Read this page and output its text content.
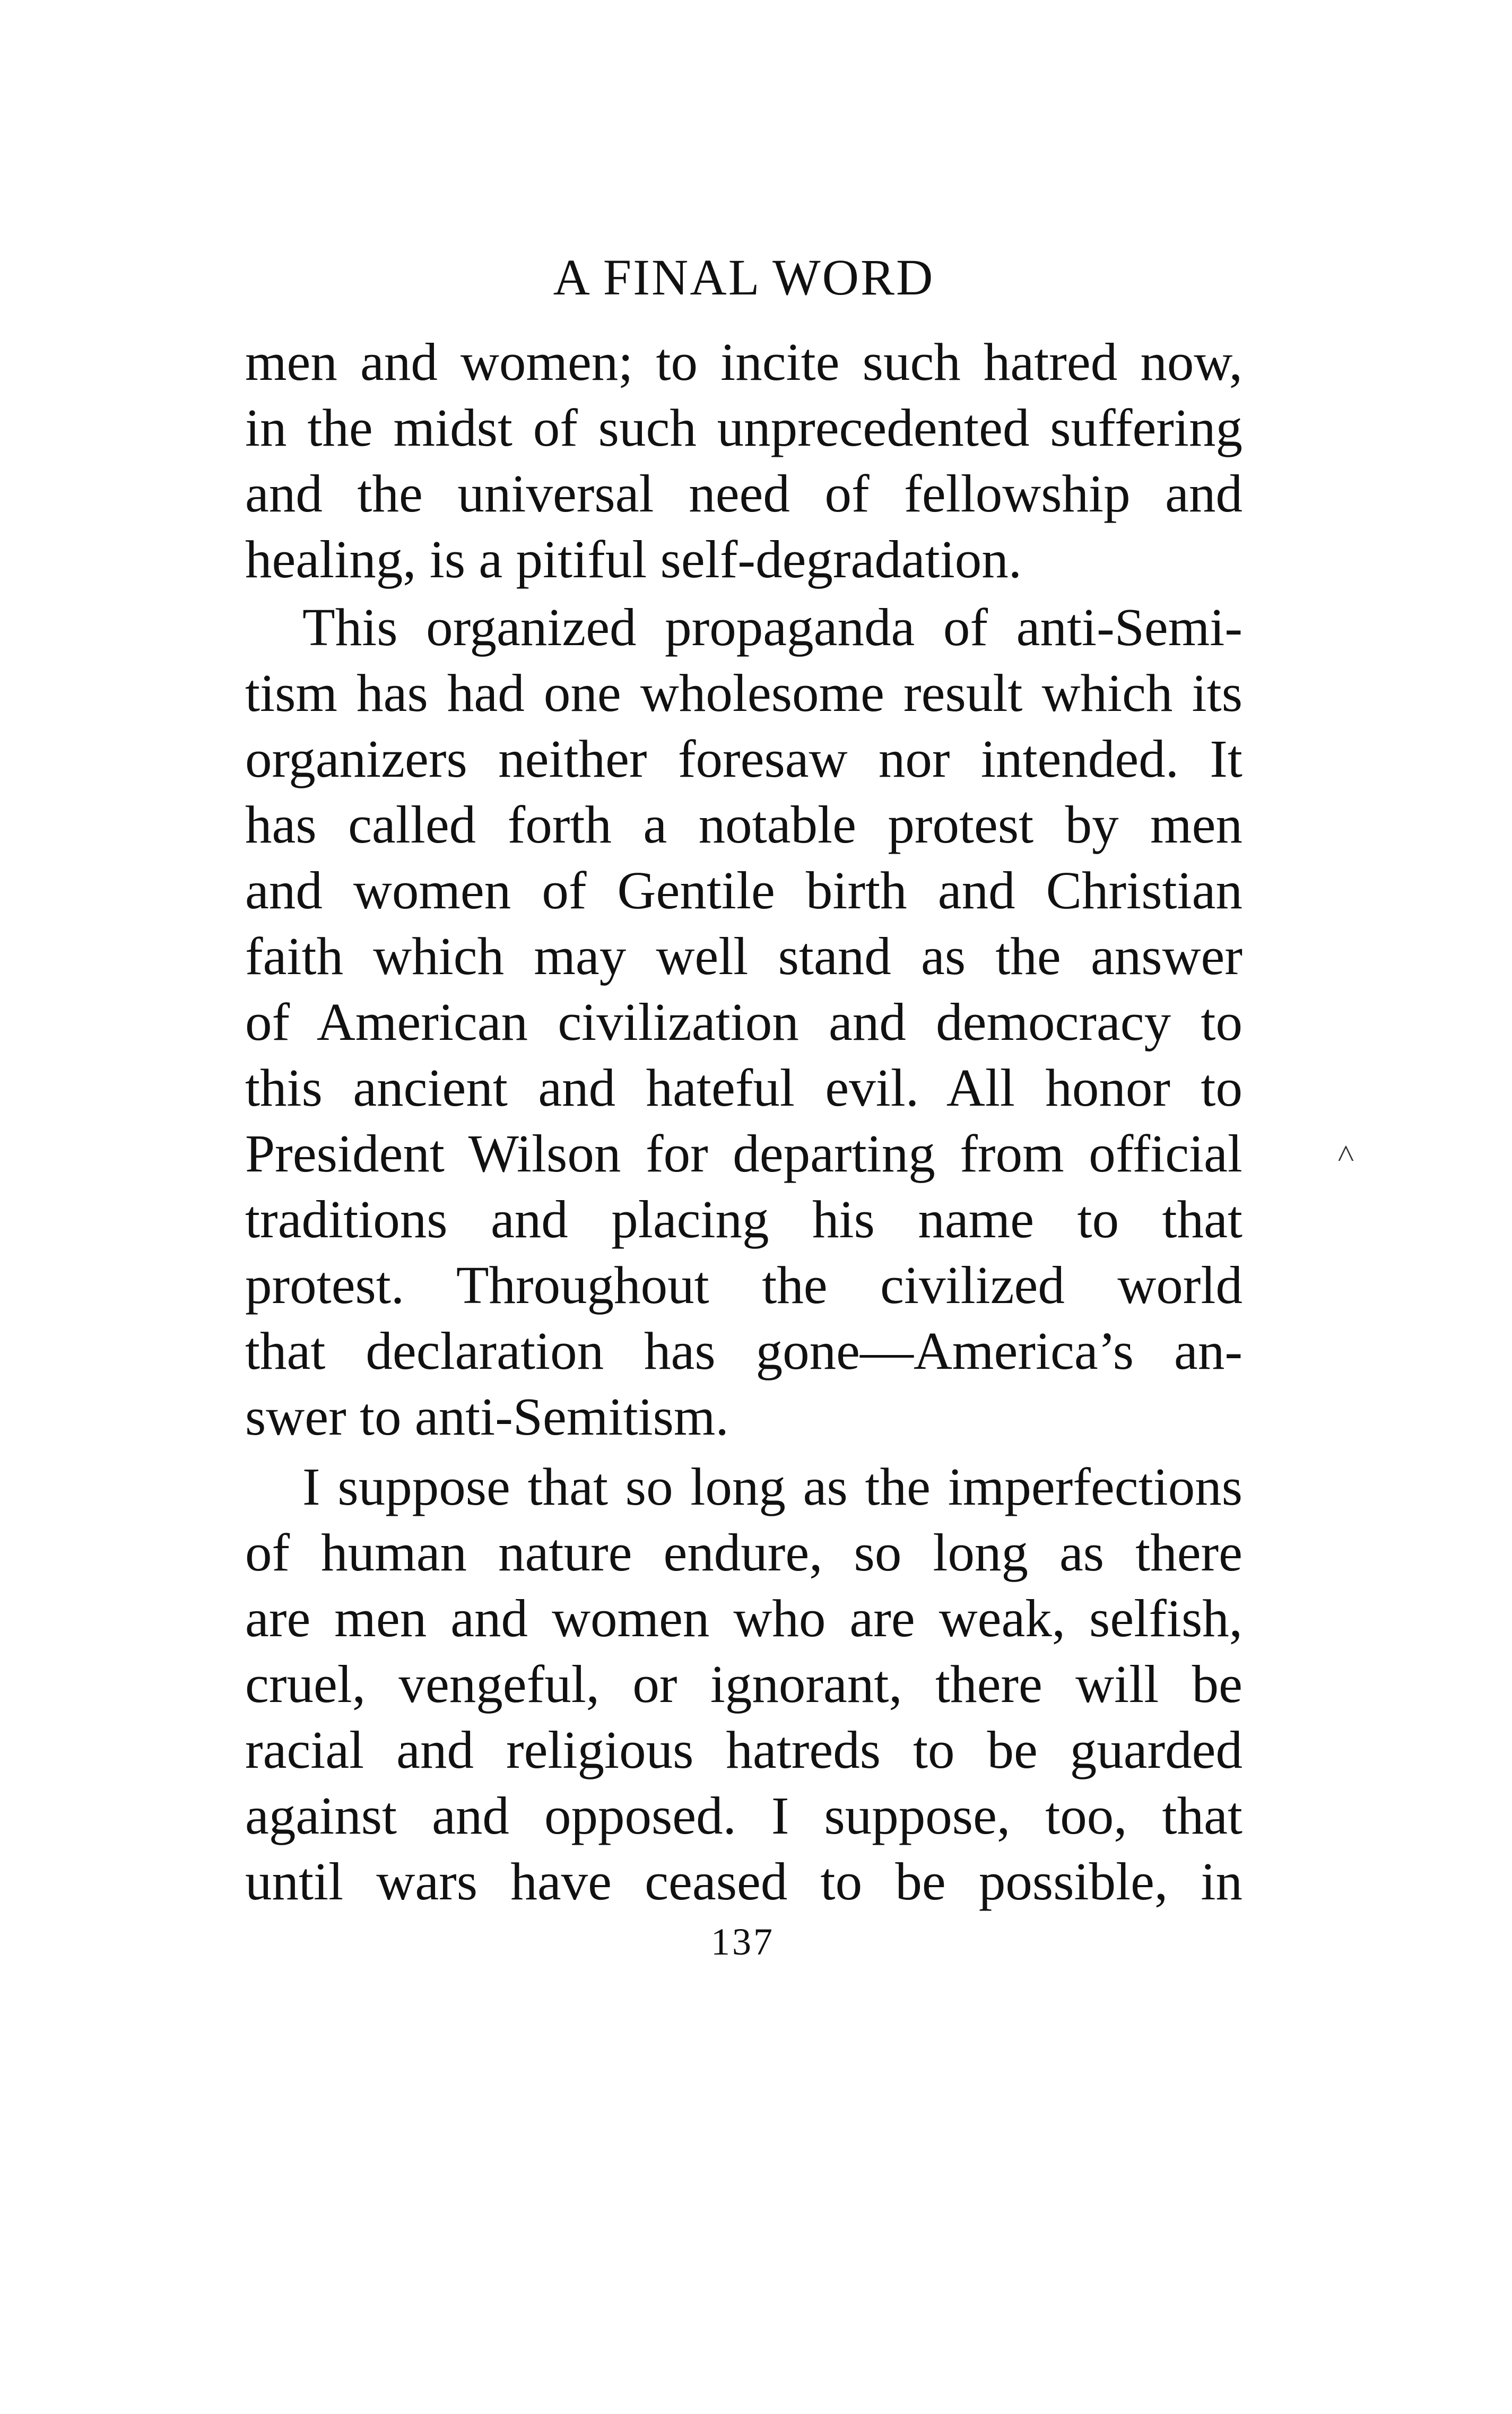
A FINAL WORD
men and women; to incite such hatred now,
in the midst of such unprecedented suffering
and the universal need of fellowship and
healing, is a pitiful self-degradation.
This organized propaganda of anti-Semi-
tism has had one wholesome result which its
organizers neither foresaw nor intended. It
has called forth a notable protest by men
and women of Gentile birth and Christian
faith which may well stand as the answer
of American civilization and democracy to
this ancient and hateful evil. All honor to
President Wilson for departing from official
traditions and placing his name to that
protest. Throughout the civilized world
that declaration has gone—America’s an-
swer to anti-Semitism.
I suppose that so long as the imperfections
of human nature endure, so long as there
are men and women who are weak, selfish,
cruel, vengeful, or ignorant, there will be
racial and religious hatreds to be guarded
against and opposed. I suppose, too, that
until wars have ceased to be possible, in
137
˄
